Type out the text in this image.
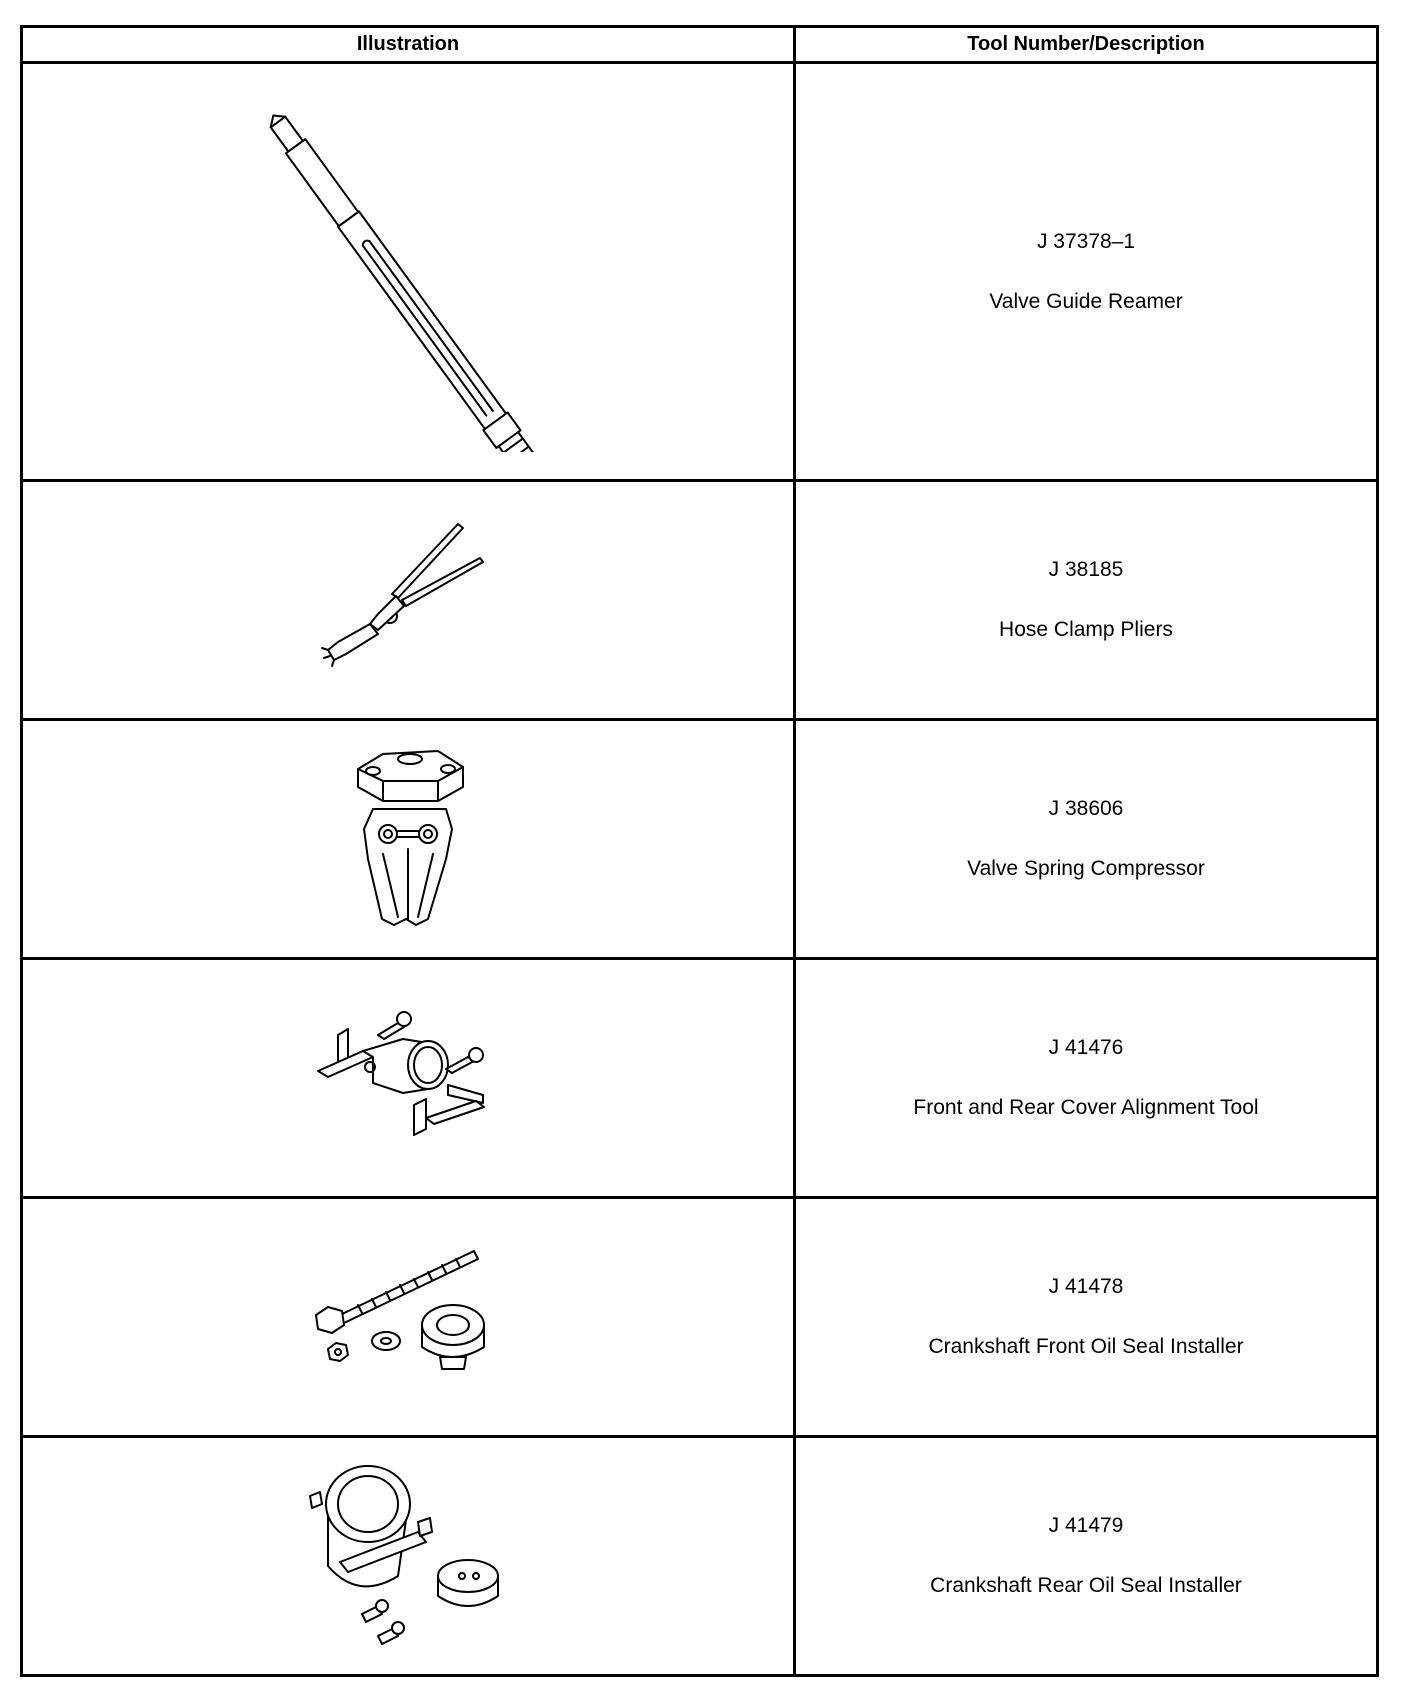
Illustration	Tool Number/Description

J 37378–1
Valve Guide Reamer

J 38185
Hose Clamp Pliers

J 38606
Valve Spring Compressor

J 41476
Front and Rear Cover Alignment Tool

J 41478
Crankshaft Front Oil Seal Installer

J 41479
Crankshaft Rear Oil Seal Installer
